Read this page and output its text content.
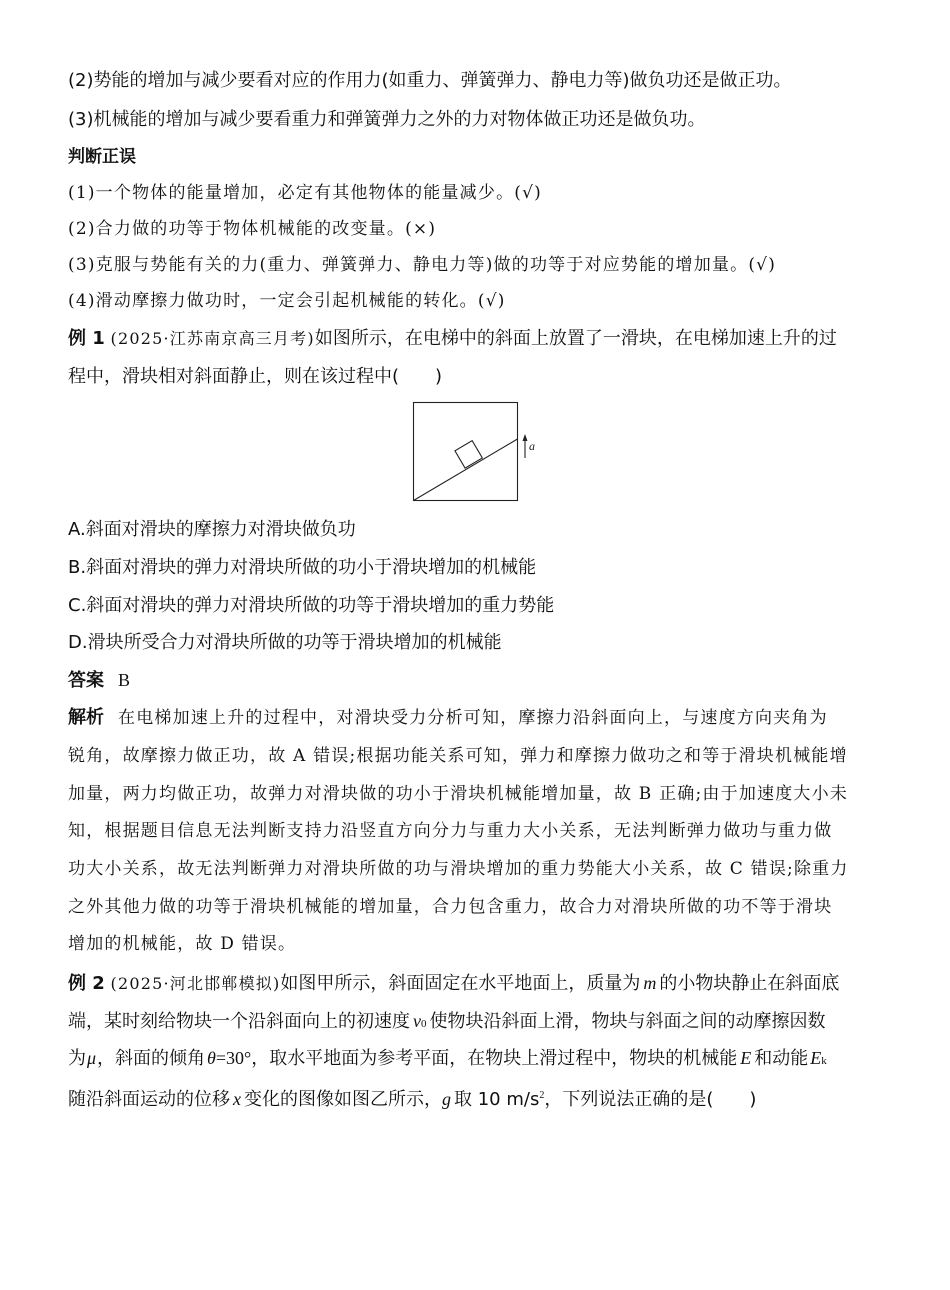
(2)势能的增加与减少要看对应的作用力(如重力、弹簧弹力、静电力等)做负功还是做正功。
(3)机械能的增加与减少要看重力和弹簧弹力之外的力对物体做正功还是做负功。
判断正误
(1)一个物体的能量增加，必定有其他物体的能量减少。(√)
(2)合力做的功等于物体机械能的改变量。(×)
(3)克服与势能有关的力(重力、弹簧弹力、静电力等)做的功等于对应势能的增加量。(√)
(4)滑动摩擦力做功时，一定会引起机械能的转化。(√)
例 1 (2025·江苏南京高三月考)如图所示，在电梯中的斜面上放置了一滑块，在电梯加速上升的过
程中，滑块相对斜面静止，则在该过程中(　　)
a
A.斜面对滑块的摩擦力对滑块做负功
B.斜面对滑块的弹力对滑块所做的功小于滑块增加的机械能
C.斜面对滑块的弹力对滑块所做的功等于滑块增加的重力势能
D.滑块所受合力对滑块所做的功等于滑块增加的机械能
答案 B
解析 在电梯加速上升的过程中，对滑块受力分析可知，摩擦力沿斜面向上，与速度方向夹角为
锐角，故摩擦力做正功，故 A 错误;根据功能关系可知，弹力和摩擦力做功之和等于滑块机械能增
加量，两力均做正功，故弹力对滑块做的功小于滑块机械能增加量，故 B 正确;由于加速度大小未
知，根据题目信息无法判断支持力沿竖直方向分力与重力大小关系，无法判断弹力做功与重力做
功大小关系，故无法判断弹力对滑块所做的功与滑块增加的重力势能大小关系，故 C 错误;除重力
之外其他力做的功等于滑块机械能的增加量，合力包含重力，故合力对滑块所做的功不等于滑块
增加的机械能，故 D 错误。
例 2 (2025·河北邯郸模拟)如图甲所示，斜面固定在水平地面上，质量为 m 的小物块静止在斜面底
端，某时刻给物块一个沿斜面向上的初速度 v0 使物块沿斜面上滑，物块与斜面之间的动摩擦因数
为μ，斜面的倾角 θ=30°，取水平地面为参考平面，在物块上滑过程中，物块的机械能 E 和动能 Ek
随沿斜面运动的位移 x 变化的图像如图乙所示，g 取 10 $m/s^2$，下列说法正确的是(　　)
